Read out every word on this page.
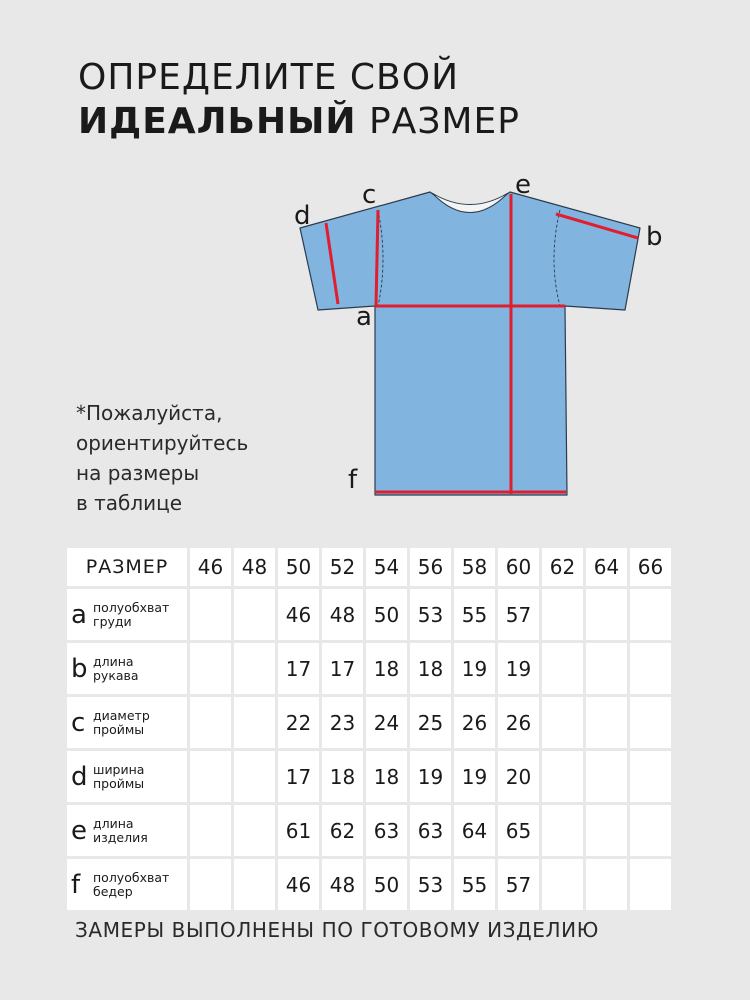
ОПРЕДЕЛИТЕ СВОЙ
ИДЕАЛЬНЫЙ РАЗМЕР
d
c	e
b
a
f
*Пожалуйста,
ориентируйтесь
на размеры
в таблице
РАЗМЕР	46	48	50	52	54	56	58	60	62	64	66

a полуобхват
груди			46	48	50	53	55	57			

b длина
рукава			17	17	18	18	19	19			

c диаметр
проймы			22	23	24	25	26	26			

d ширина
проймы			17	18	18	19	19	20			

e длина
изделия			61	62	63	63	64	65			

f полуобхват
бедер			46	48	50	53	55	57			
ЗАМЕРЫ ВЫПОЛНЕНЫ ПО ГОТОВОМУ ИЗДЕЛИЮ
